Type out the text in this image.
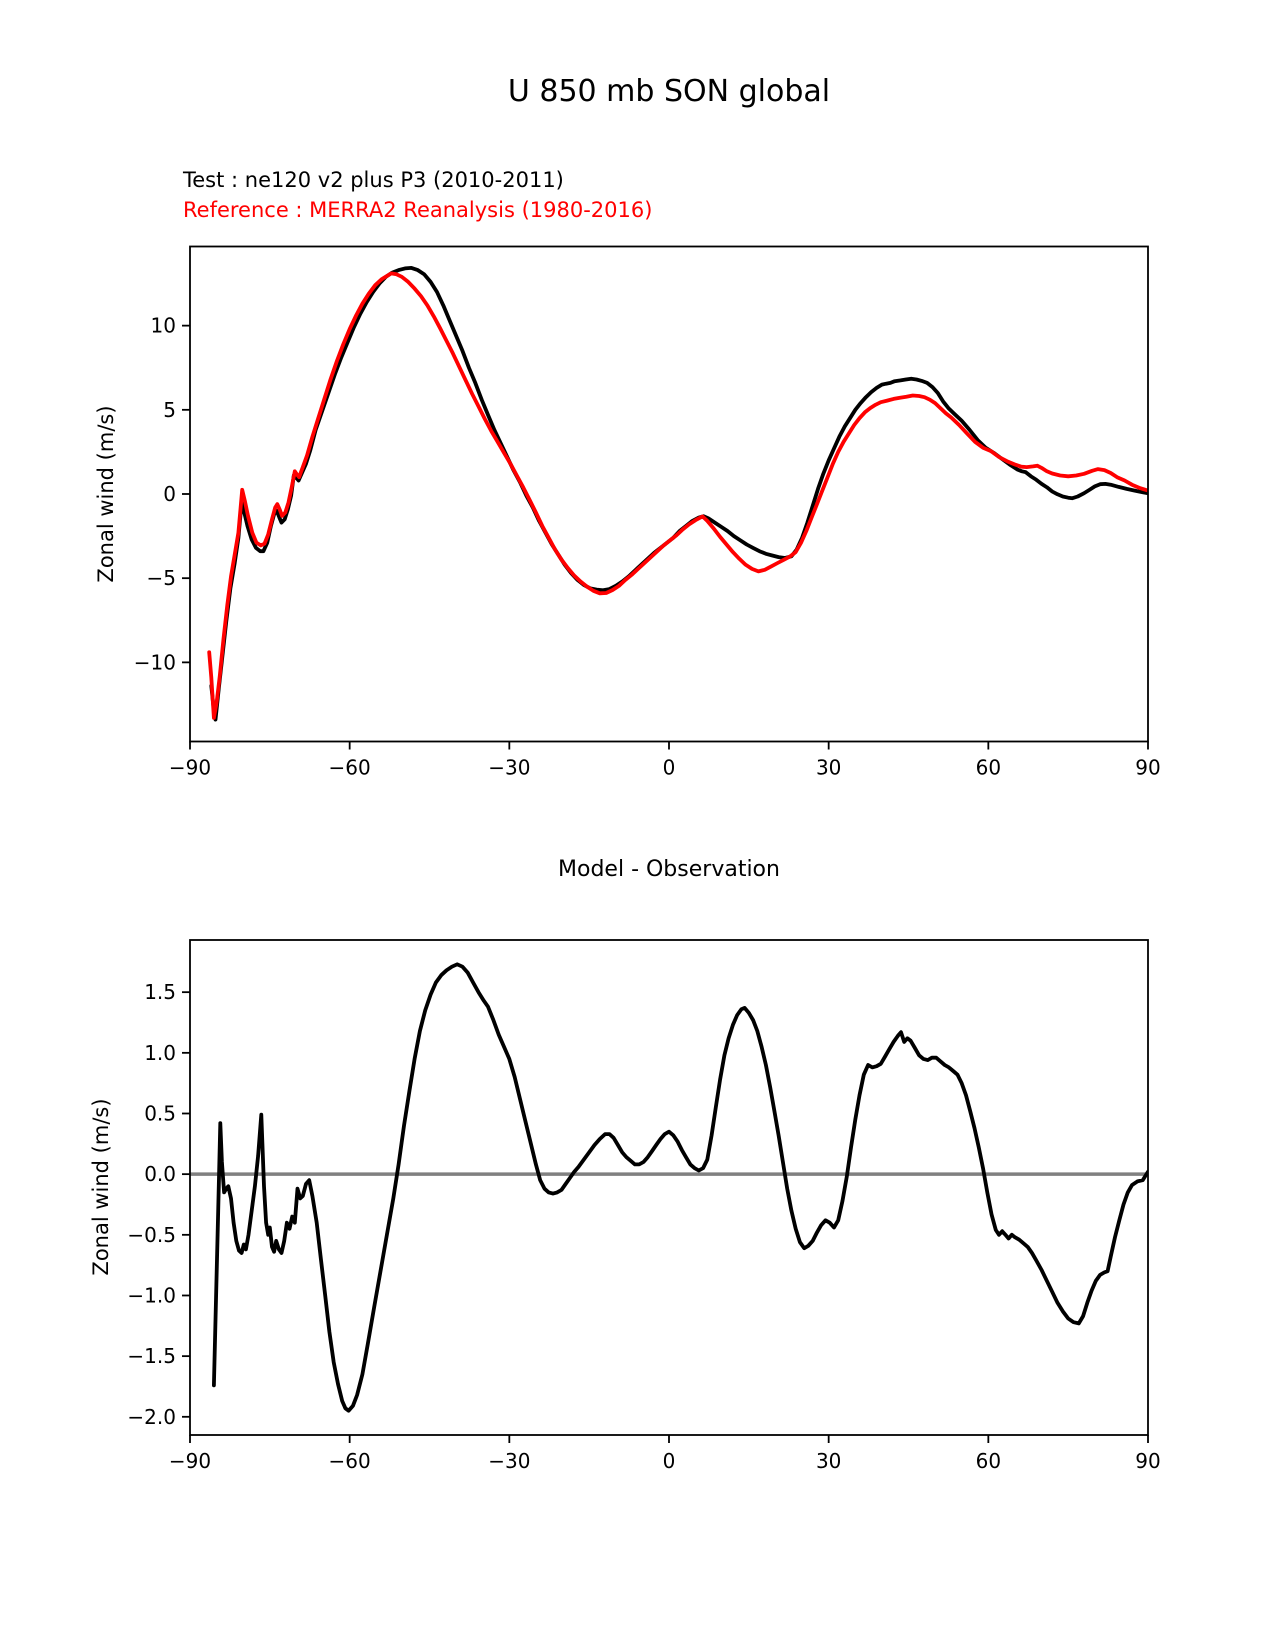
U 850 mb SON global
Test : ne120 v2 plus P3 (2010-2011)
Reference : MERRA2 Reanalysis (1980-2016)
Zonal wind (m/s)
Zonal wind (m/s)
Model - Observation
−90	−60	−30	0	30	60	90
10
5
0
−5
−10
−90	−60	−30	0	30	60	90
1.5
1.0
0.5
0.0
−0.5
−1.0
−1.5
−2.0
